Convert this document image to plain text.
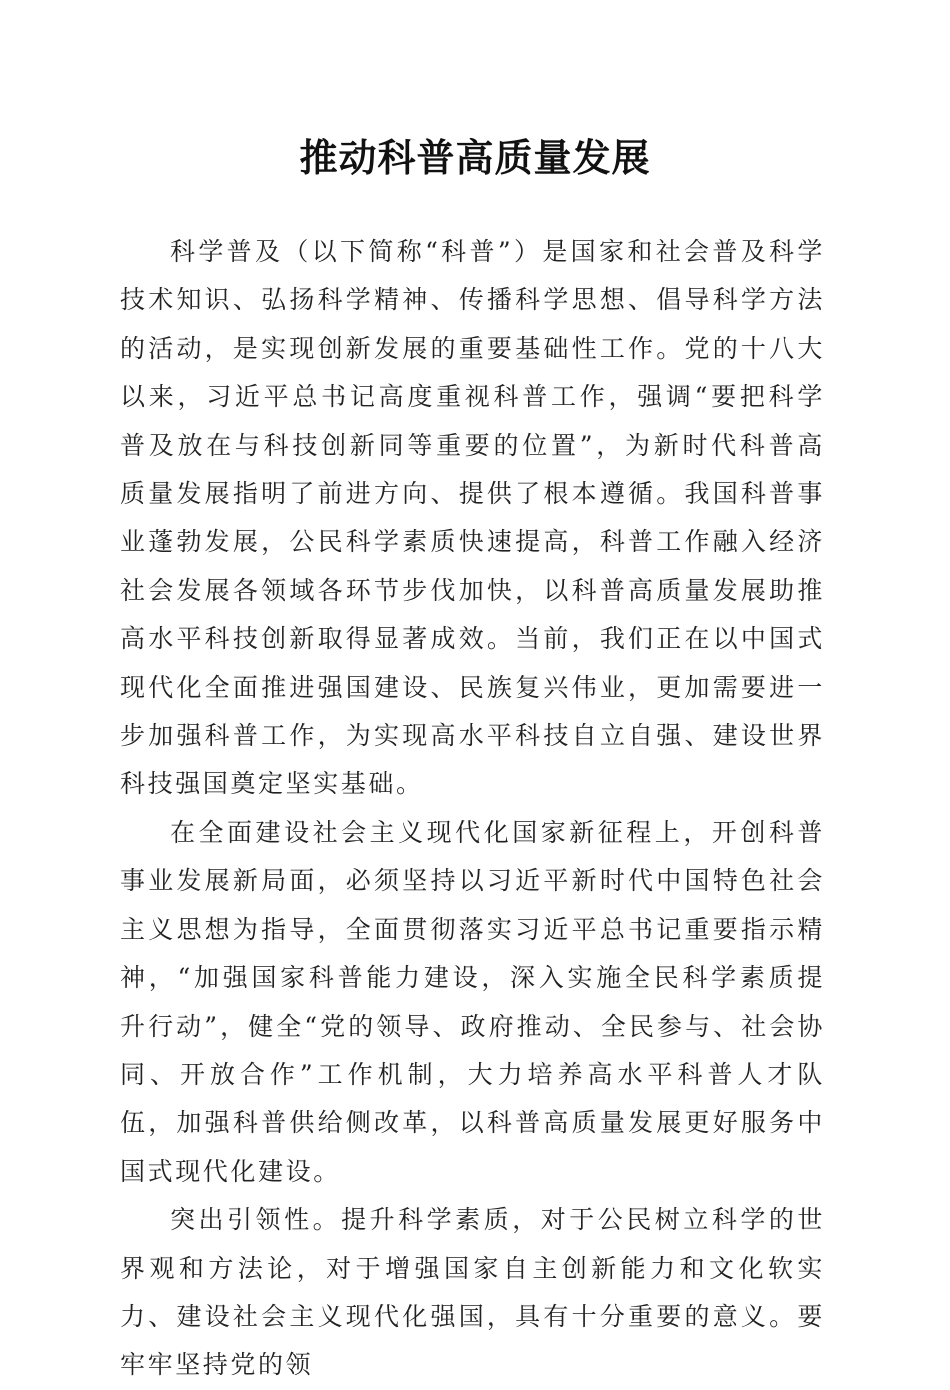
推动科普高质量发展

科学普及（以下简称“科普”）是国家和社会普及科学技术知识、弘扬科学精神、传播科学思想、倡导科学方法的活动，是实现创新发展的重要基础性工作。党的十八大以来，习近平总书记高度重视科普工作，强调“要把科学普及放在与科技创新同等重要的位置”，为新时代科普高质量发展指明了前进方向、提供了根本遵循。我国科普事业蓬勃发展，公民科学素质快速提高，科普工作融入经济社会发展各领域各环节步伐加快，以科普高质量发展助推高水平科技创新取得显著成效。当前，我们正在以中国式现代化全面推进强国建设、民族复兴伟业，更加需要进一步加强科普工作，为实现高水平科技自立自强、建设世界科技强国奠定坚实基础。

在全面建设社会主义现代化国家新征程上，开创科普事业发展新局面，必须坚持以习近平新时代中国特色社会主义思想为指导，全面贯彻落实习近平总书记重要指示精神，“加强国家科普能力建设，深入实施全民科学素质提升行动”，健全“党的领导、政府推动、全民参与、社会协同、开放合作”工作机制，大力培养高水平科普人才队伍，加强科普供给侧改革，以科普高质量发展更好服务中国式现代化建设。

突出引领性。提升科学素质，对于公民树立科学的世界观和方法论，对于增强国家自主创新能力和文化软实力、建设社会主义现代化强国，具有十分重要的意义。要牢牢坚持党的领
